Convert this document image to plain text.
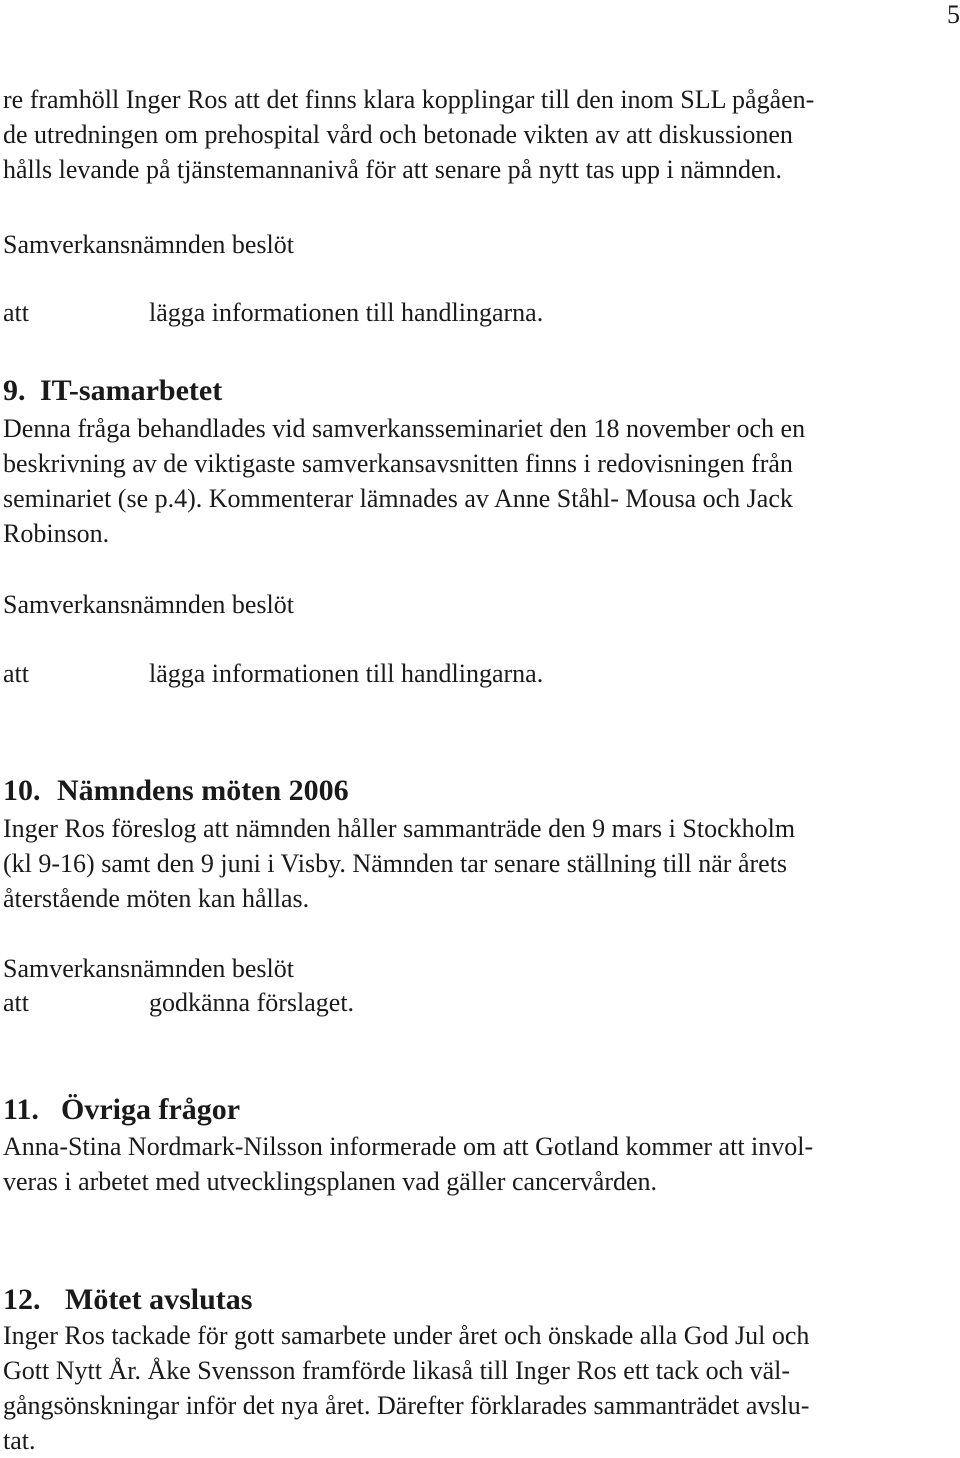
5

re framhöll Inger Ros att det finns klara kopplingar till den inom SLL pågåen-

de utredningen om prehospital vård och betonade vikten av att diskussionen

hålls levande på tjänstemannanivå för att senare på nytt tas upp i nämnden.

Samverkansnämnden beslöt
att	lägga informationen till handlingarna.
9. IT-samarbetet

Denna fråga behandlades vid samverkansseminariet den 18 november och en

beskrivning av de viktigaste samverkansavsnitten finns i redovisningen från

seminariet (se p.4). Kommenterar lämnades av Anne Ståhl- Mousa och Jack

Robinson.

Samverkansnämnden beslöt
att	lägga informationen till handlingarna.
10. Nämndens möten 2006

Inger Ros föreslog att nämnden håller sammanträde den 9 mars i Stockholm

(kl 9-16) samt den 9 juni i Visby. Nämnden tar senare ställning till när årets

återstående möten kan hållas.

Samverkansnämnden beslöt
att	godkänna förslaget.
11. Övriga frågor

Anna-Stina Nordmark-Nilsson informerade om att Gotland kommer att invol-

veras i arbetet med utvecklingsplanen vad gäller cancervården.

12. Mötet avslutas

Inger Ros tackade för gott samarbete under året och önskade alla God Jul och

Gott Nytt År. Åke Svensson framförde likaså till Inger Ros ett tack och väl-

gångsönskningar inför det nya året. Därefter förklarades sammanträdet avslu-

tat.
